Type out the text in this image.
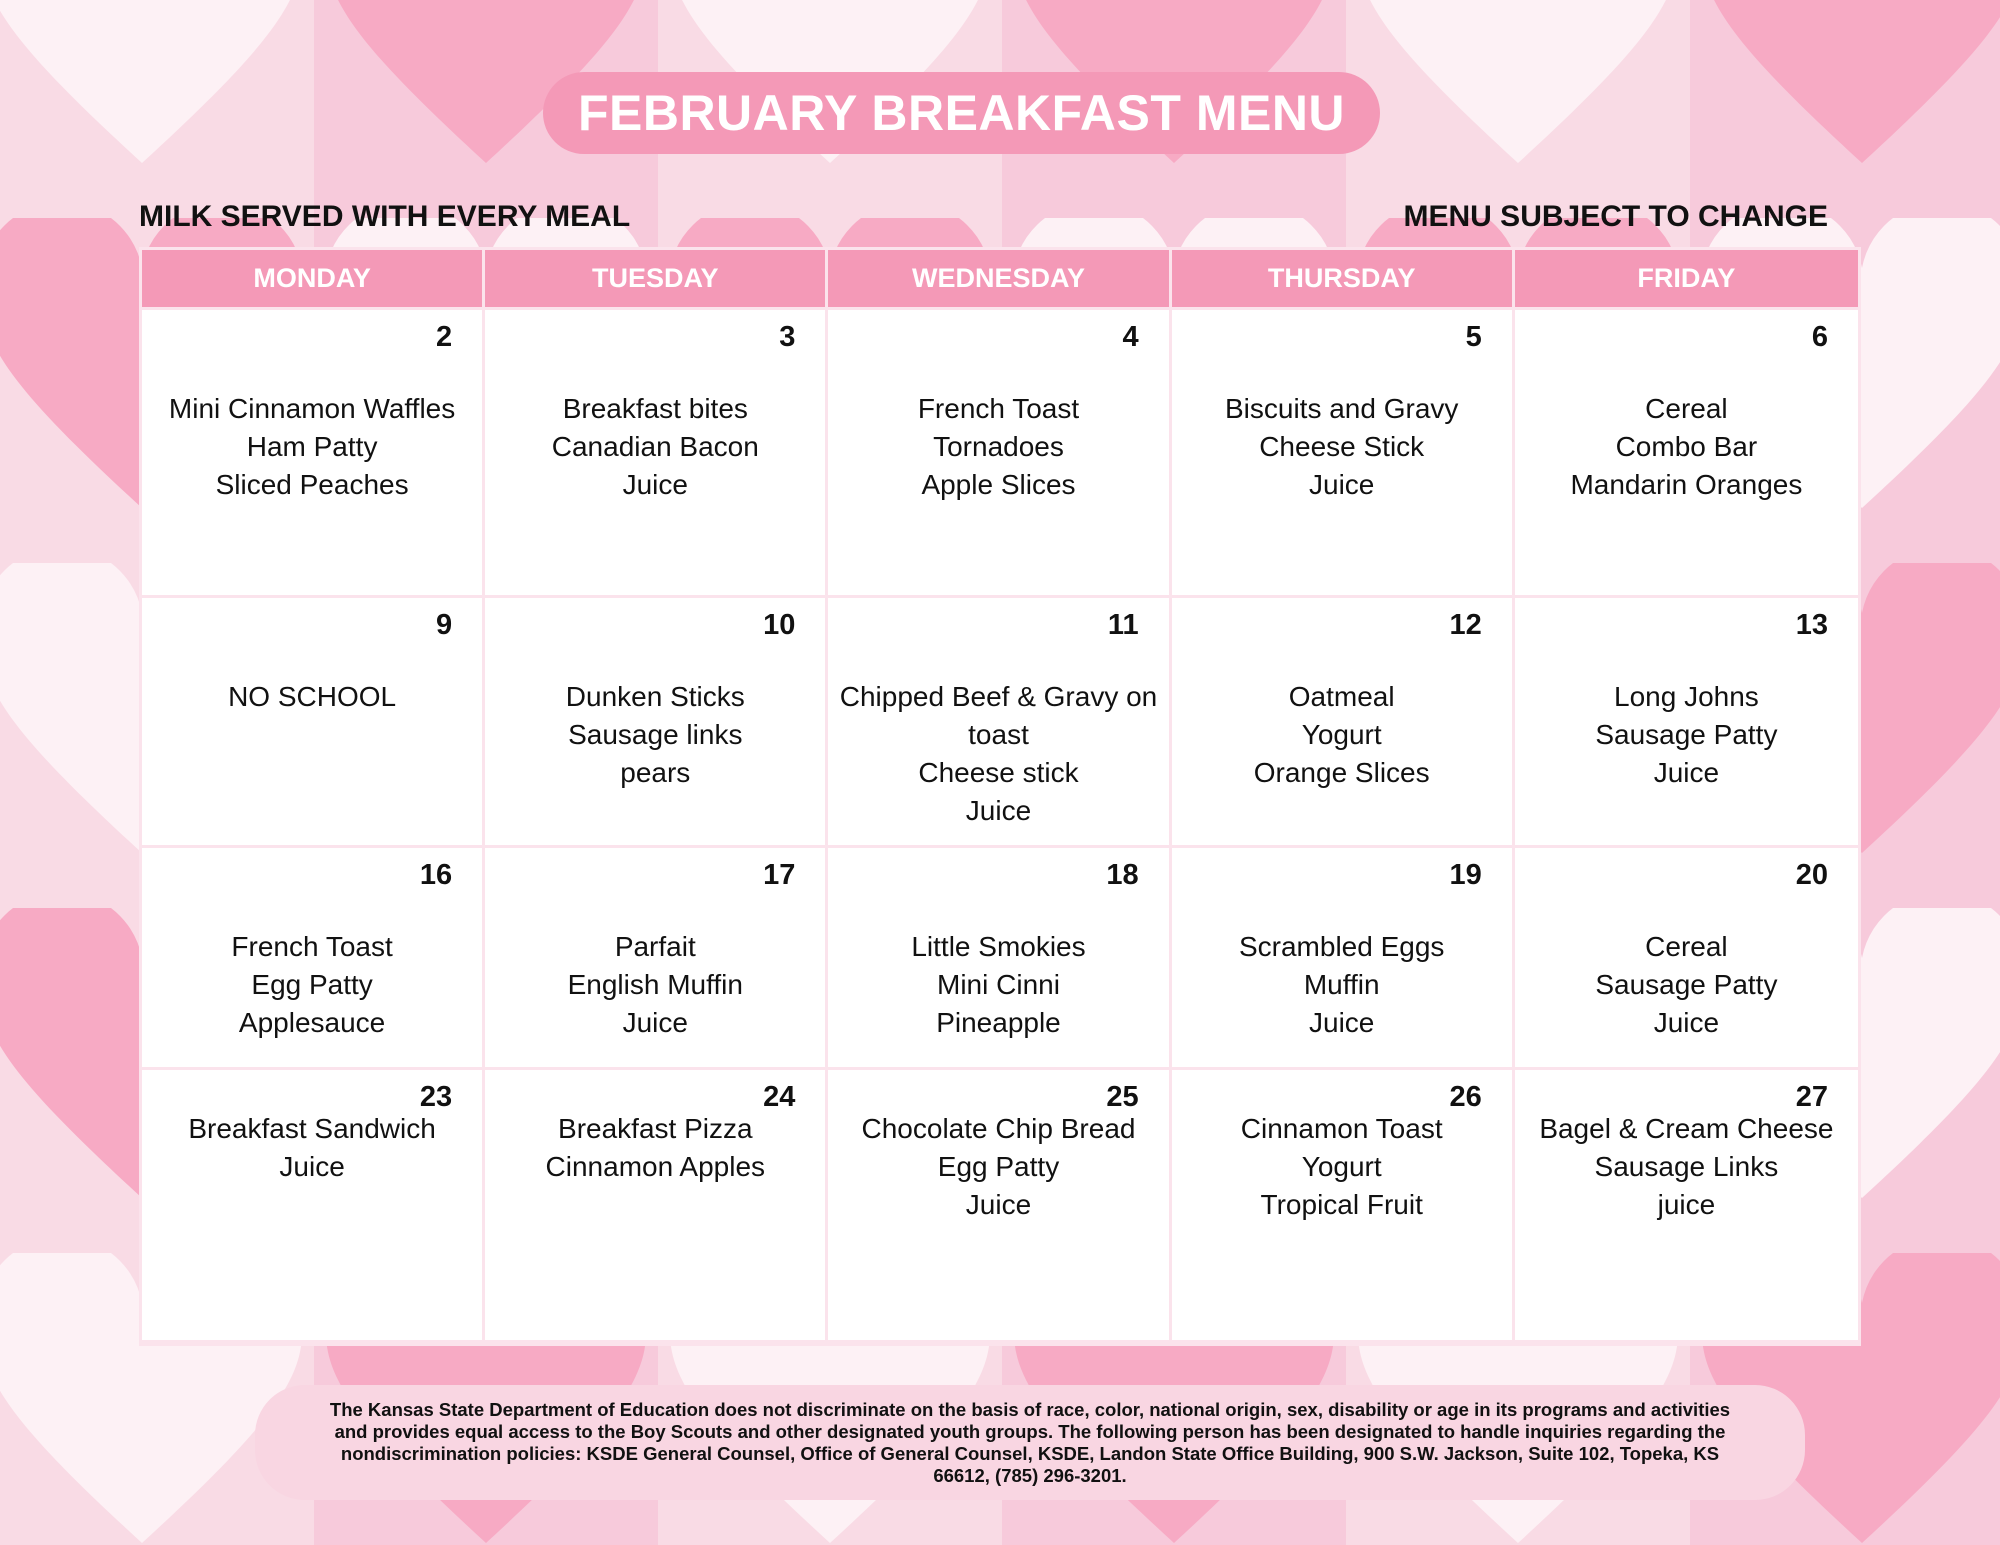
FEBRUARY BREAKFAST MENU
MILK SERVED WITH EVERY MEAL	MENU SUBJECT TO CHANGE
MONDAY	TUESDAY	WEDNESDAY	THURSDAY	FRIDAY
2
Mini Cinnamon Waffles
Ham Patty
Sliced Peaches
3
Breakfast bites
Canadian Bacon
Juice
4
French Toast
Tornadoes
Apple Slices
5
Biscuits and Gravy
Cheese Stick
Juice
6
Cereal
Combo Bar
Mandarin Oranges
9
NO SCHOOL
10
Dunken Sticks
Sausage links
pears
11
Chipped Beef & Gravy on
toast
Cheese stick
Juice
12
Oatmeal
Yogurt
Orange Slices
13
Long Johns
Sausage Patty
Juice
16
French Toast
Egg Patty
Applesauce
17
Parfait
English Muffin
Juice
18
Little Smokies
Mini Cinni
Pineapple
19
Scrambled Eggs
Muffin
Juice
20
Cereal
Sausage Patty
Juice
23
Breakfast Sandwich
Juice
24
Breakfast Pizza
Cinnamon Apples
25
Chocolate Chip Bread
Egg Patty
Juice
26
Cinnamon Toast
Yogurt
Tropical Fruit
27
Bagel & Cream Cheese
Sausage Links
juice
The Kansas State Department of Education does not discriminate on the basis of race, color, national origin, sex, disability or age in its programs and activities and provides equal access to the Boy Scouts and other designated youth groups. The following person has been designated to handle inquiries regarding the nondiscrimination policies: KSDE General Counsel, Office of General Counsel, KSDE, Landon State Office Building, 900 S.W. Jackson, Suite 102, Topeka, KS 66612, (785) 296-3201.
